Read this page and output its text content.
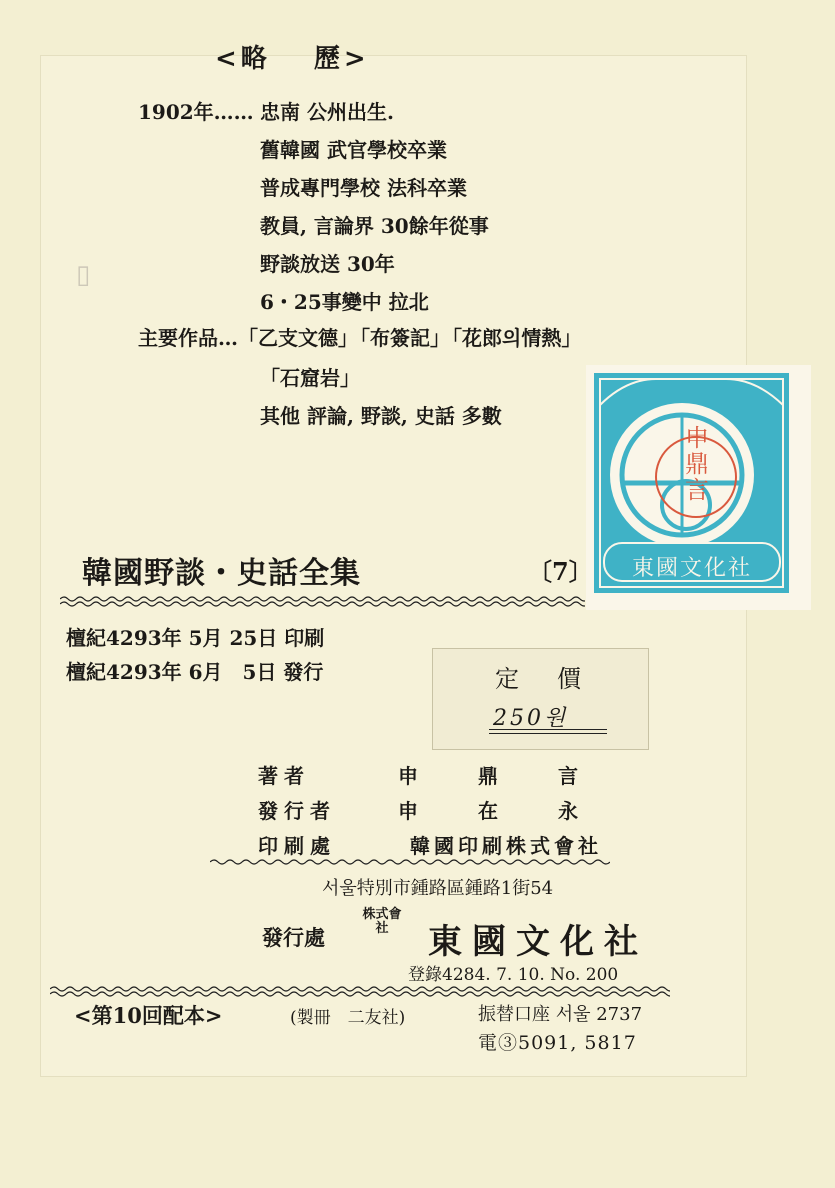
▯
<略　 歷>
1902年…… 忠南 公州出生.
舊韓國 武官學校卒業
普成專門學校 法科卒業
教員, 言論界 30餘年從事
野談放送 30年
6・25事變中 拉北
主要作品…「乙支文德」 「布簽記」 「花郎의情熱」
「石窟岩」
其他 評論, 野談, 史話 多數
申鼎言
東國文化社
韓國野談・史話全集	〔7〕
檀紀4293年 5月 25日 印刷
檀紀4293年 6月　5日 發行	定價
250원
著者	申　　　鼎　　　言
發行者	申　　　在　　　永
印刷處	韓國印刷株式會社
서울特別市鍾路區鍾路1街54
發行處
株式會社	東國文化社
登錄4284. 7. 10. No. 200
<第10回配本>	(製冊　二友社)	振替口座 서울 2737
電③5091, 5817
